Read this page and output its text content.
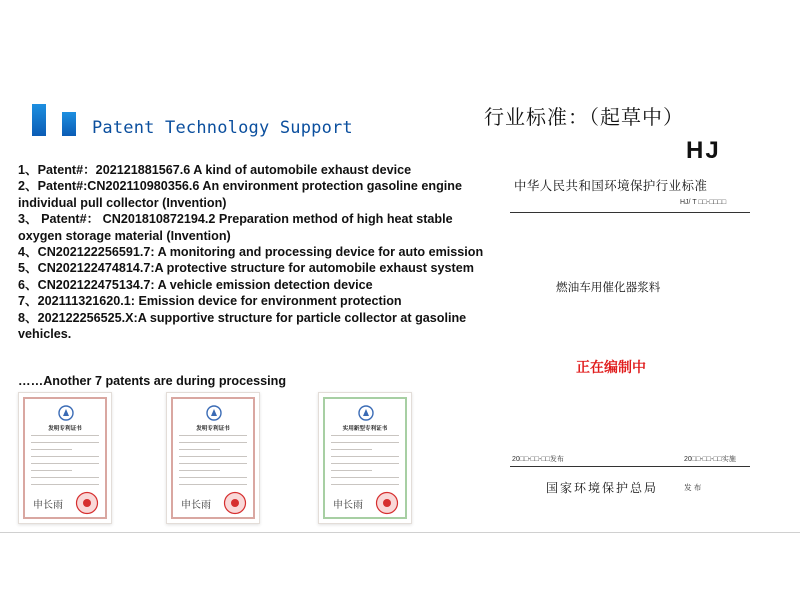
Patent Technology Support
1、Patent#：202121881567.6 A kind of automobile exhaust device
2、Patent#:CN202110980356.6 An environment protection gasoline engine individual pull collector (Invention)
3、 Patent#： CN201810872194.2 Preparation method of high heat stable oxygen storage material (Invention)
4、CN202122256591.7: A monitoring and processing device for auto emission
5、CN202122474814.7:A protective structure for automobile exhaust system
6、CN202122475134.7: A vehicle emission detection device
7、202111321620.1: Emission device for environment protection
8、202122256525.X:A supportive structure for particle collector at gasoline vehicles.
……Another 7 patents are during processing
发明专利证书
申长雨
发明专利证书
申长雨
实用新型专利证书
申长雨
行业标准：（起草中）
HJ
中华人民共和国环境保护行业标准
HJ/ T □□-□□□□
燃油车用催化器浆料
正在编制中
20□□-□□-□□发布	20□□-□□-□□实施
国家环境保护总局	发 布
